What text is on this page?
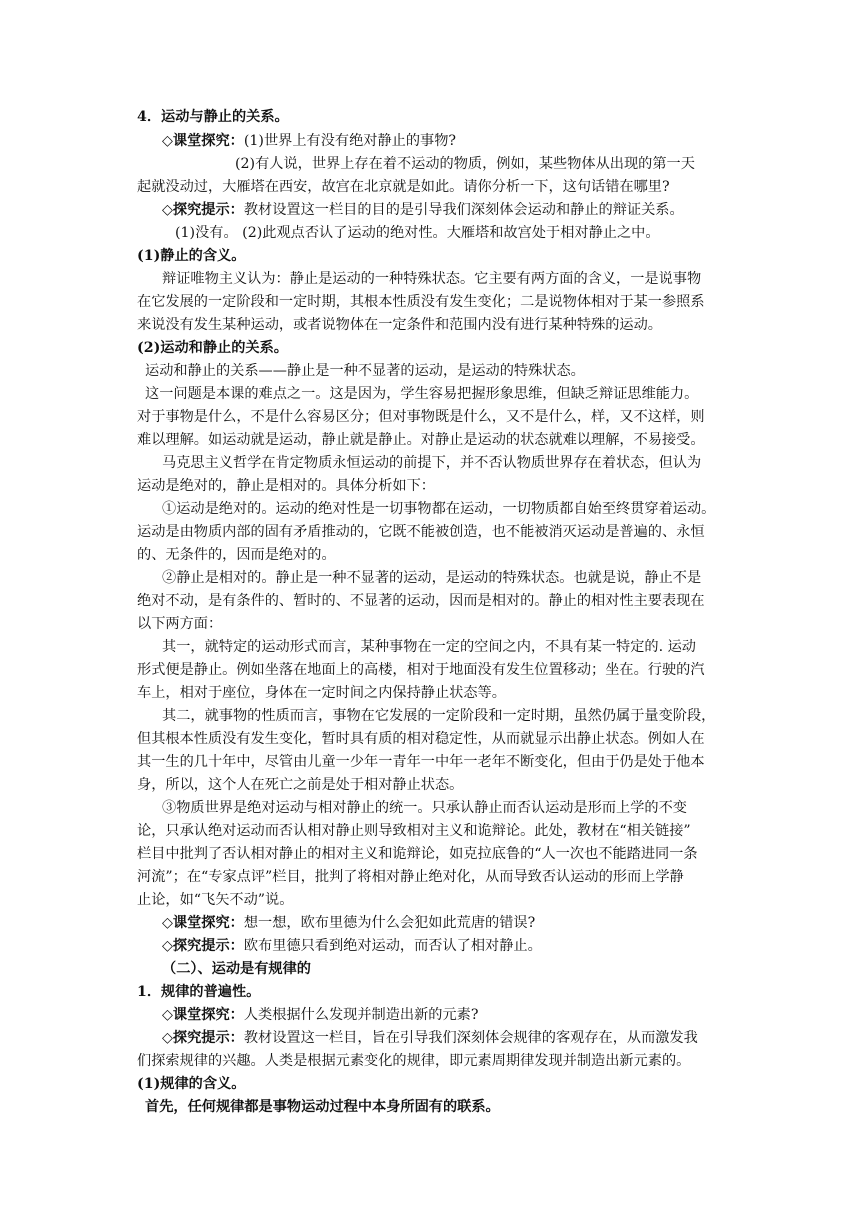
4．运动与静止的关系。
◇课堂探究：(1)世界上有没有绝对静止的事物?
(2)有人说，世界上存在着不运动的物质，例如，某些物体从出现的第一天
起就没动过，大雁塔在西安，故宫在北京就是如此。请你分析一下，这句话错在哪里?
◇探究提示：教材设置这一栏目的目的是引导我们深刻体会运动和静止的辩证关系。
(1)没有。 (2)此观点否认了运动的绝对性。大雁塔和故宫处于相对静止之中。
(1)静止的含义。
辩证唯物主义认为：静止是运动的一种特殊状态。它主要有两方面的含义，一是说事物
在它发展的一定阶段和一定时期，其根本性质没有发生变化；二是说物体相对于某一参照系
来说没有发生某种运动，或者说物体在一定条件和范围内没有进行某种特殊的运动。
(2)运动和静止的关系。
运动和静止的关系——静止是一种不显著的运动，是运动的特殊状态。
这一问题是本课的难点之一。这是因为，学生容易把握形象思维，但缺乏辩证思维能力。
对于事物是什么，不是什么容易区分；但对事物既是什么，又不是什么，样，又不这样，则
难以理解。如运动就是运动，静止就是静止。对静止是运动的状态就难以理解，不易接受。
马克思主义哲学在肯定物质永恒运动的前提下，并不否认物质世界存在着状态，但认为
运动是绝对的，静止是相对的。具体分析如下：
①运动是绝对的。运动的绝对性是一切事物都在运动，一切物质都自始至终贯穿着运动。
运动是由物质内部的固有矛盾推动的，它既不能被创造，也不能被消灭运动是普遍的、永恒
的、无条件的，因而是绝对的。
②静止是相对的。静止是一种不显著的运动，是运动的特殊状态。也就是说，静止不是
绝对不动，是有条件的、暂时的、不显著的运动，因而是相对的。静止的相对性主要表现在
以下两方面：
其一，就特定的运动形式而言，某种事物在一定的空间之内，不具有某一特定的. 运动
形式便是静止。例如坐落在地面上的高楼，相对于地面没有发生位置移动；坐在。行驶的汽
车上，相对于座位，身体在一定时间之内保持静止状态等。
其二，就事物的性质而言，事物在它发展的一定阶段和一定时期，虽然仍属于量变阶段，
但其根本性质没有发生变化，暂时具有质的相对稳定性，从而就显示出静止状态。例如人在
其一生的几十年中，尽管由儿童一少年一青年一中年一老年不断变化，但由于仍是处于他本
身，所以，这个人在死亡之前是处于相对静止状态。
③物质世界是绝对运动与相对静止的统一。只承认静止而否认运动是形而上学的不变
论，只承认绝对运动而否认相对静止则导致相对主义和诡辩论。此处，教材在“相关链接”
栏目中批判了否认相对静止的相对主义和诡辩论，如克拉底鲁的“人一次也不能踏进同一条
河流”；在“专家点评”栏目，批判了将相对静止绝对化，从而导致否认运动的形而上学静
止论，如“飞矢不动”说。
◇课堂探究：想一想，欧布里德为什么会犯如此荒唐的错误?
◇探究提示：欧布里德只看到绝对运动，而否认了相对静止。
（二）、运动是有规律的
1．规律的普遍性。
◇课堂探究：人类根据什么发现并制造出新的元素?
◇探究提示：教材设置这一栏目，旨在引导我们深刻体会规律的客观存在，从而激发我
们探索规律的兴趣。人类是根据元素变化的规律，即元素周期律发现并制造出新元素的。
(1)规律的含义。
首先，任何规律都是事物运动过程中本身所固有的联系。
